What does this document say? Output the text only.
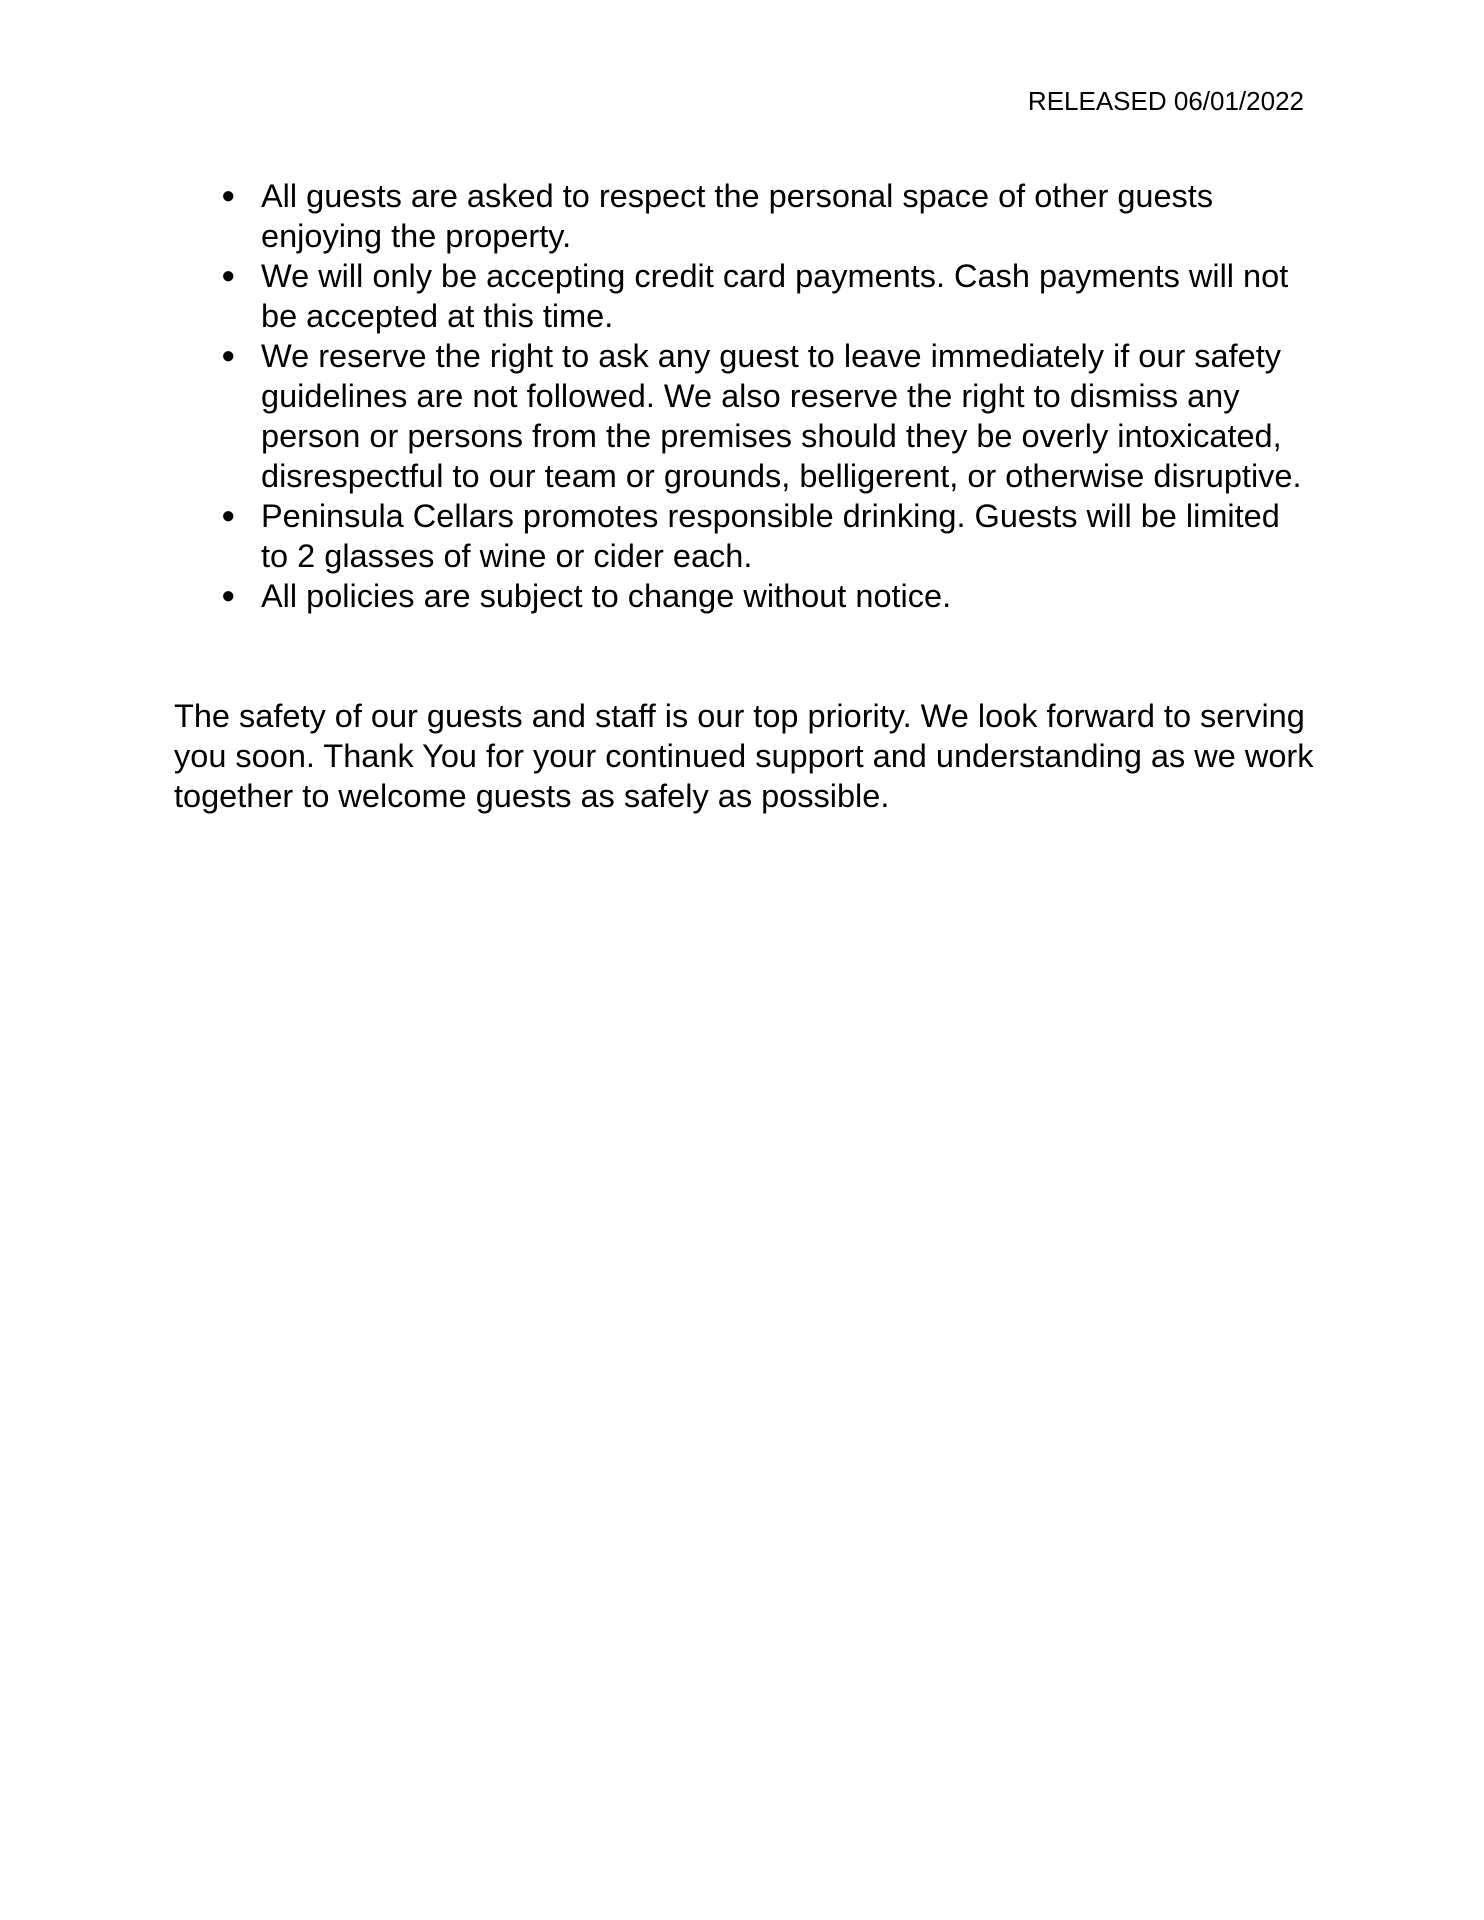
RELEASED 06/01/2022
● All guests are asked to respect the personal space of other guests enjoying the property.
● We will only be accepting credit card payments. Cash payments will not be accepted at this time.
● We reserve the right to ask any guest to leave immediately if our safety guidelines are not followed. We also reserve the right to dismiss any person or persons from the premises should they be overly intoxicated, disrespectful to our team or grounds, belligerent, or otherwise disruptive.
● Peninsula Cellars promotes responsible drinking. Guests will be limited to 2 glasses of wine or cider each.
● All policies are subject to change without notice.

The safety of our guests and staff is our top priority. We look forward to serving you soon. Thank You for your continued support and understanding as we work together to welcome guests as safely as possible.
